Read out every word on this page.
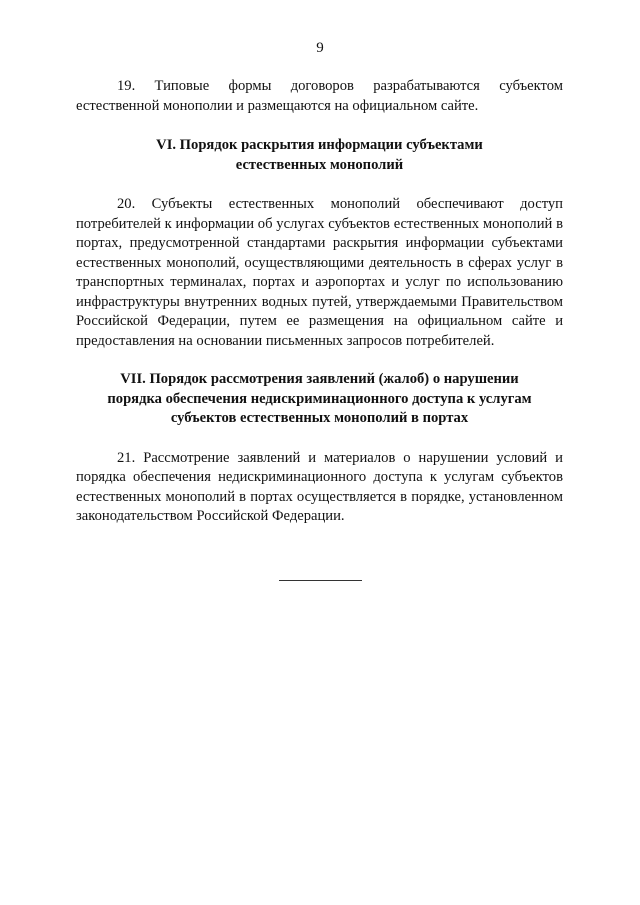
9

19. Типовые формы договоров разрабатываются субъектом естественной монополии и размещаются на официальном сайте.

VI. Порядок раскрытия информации субъектами
естественных монополий

20. Субъекты естественных монополий обеспечивают доступ потребителей к информации об услугах субъектов естественных монополий в портах, предусмотренной стандартами раскрытия информации субъектами естественных монополий, осуществляющими деятельность в сферах услуг в транспортных терминалах, портах и аэропортах и услуг по использованию инфраструктуры внутренних водных путей, утверждаемыми Правительством Российской Федерации, путем ее размещения на официальном сайте и предоставления на основании письменных запросов потребителей.

VII. Порядок рассмотрения заявлений (жалоб) о нарушении
порядка обеспечения недискриминационного доступа к услугам
субъектов естественных монополий в портах

21. Рассмотрение заявлений и материалов о нарушении условий и порядка обеспечения недискриминационного доступа к услугам субъектов естественных монополий в портах осуществляется в порядке, установленном законодательством Российской Федерации.
